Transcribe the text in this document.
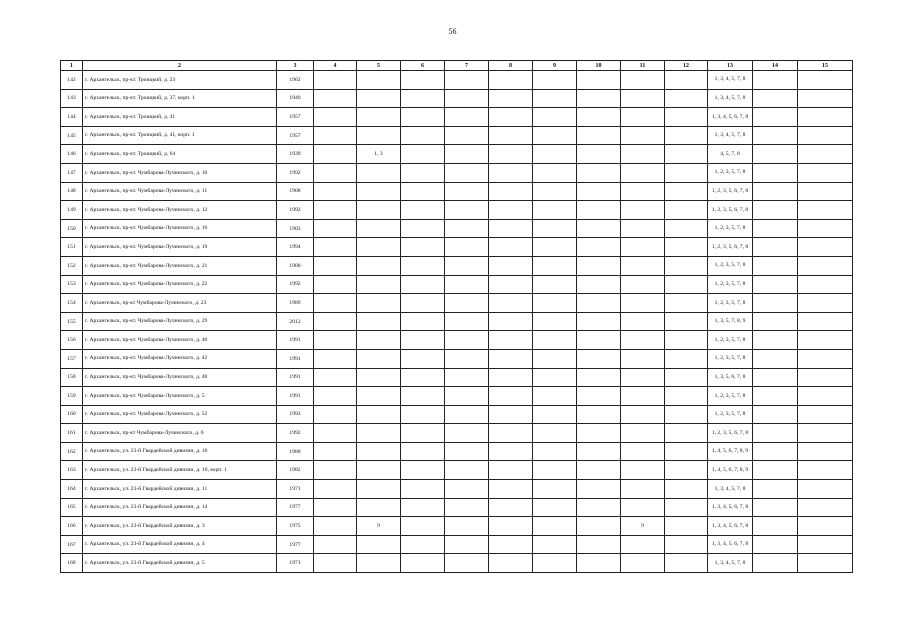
56
1	2	3	4	5	6	7	8	9	10	11	12	13	14	15
142	г. Архангельск, пр-кт. Троицкий, д. 23	1962										1, 3, 4, 5, 7, 8		
143	г. Архангельск, пр-кт. Троицкий, д. 37, корп. 1	1940										1, 3, 4, 5, 7, 8		
144	г. Архангельск, пр-кт. Троицкий, д. 41	1957										1, 3, 4, 5, 6, 7, 8		
145	г. Архангельск, пр-кт. Троицкий, д. 41, корп. 1	1957										1, 3, 4, 5, 7, 8		
146	г. Архангельск, пр-кт. Троицкий, д. 64	1939		1, 3								4, 5, 7, 8		
147	г. Архангельск, пр-кт. Чумбарова-Лучинского, д. 10	1992										1, 2, 3, 5, 7, 8		
148	г. Архангельск, пр-кт. Чумбарова-Лучинского, д. 11	1908										1, 2, 3, 5, 6, 7, 8		
149	г. Архангельск, пр-кт. Чумбарова-Лучинского, д. 12	1992										1, 2, 3, 5, 6, 7, 8		
150	г. Архангельск, пр-кт. Чумбарова-Лучинского, д. 16	1903										1, 2, 3, 5, 7, 8		
151	г. Архангельск, пр-кт. Чумбарова-Лучинского, д. 19	1994										1, 2, 3, 5, 6, 7, 8		
152	г. Архангельск, пр-кт. Чумбарова-Лучинского, д. 21	1900										1, 2, 3, 5, 7, 8		
153	г. Архангельск, пр-кт. Чумбарова-Лучинского, д. 22	1992										1, 2, 3, 5, 7, 8		
154	г. Архангельск, пр-кт Чумбарова-Лучинского, д. 23	1989										1, 2, 3, 5, 7, 8		
155	г. Архангельск, пр-кт. Чумбарова-Лучинского, д. 29	2012										1, 3, 5, 7, 8, 9		
156	г. Архангельск, пр-кт. Чумбарова-Лучинского, д. 40	1991										1, 2, 3, 5, 7, 8		
157	г. Архангельск, пр-кт. Чумбарова-Лучинского, д. 42	1991										1, 2, 3, 5, 7, 8		
158	г. Архангельск, пр-кт. Чумбарова-Лучинского, д. 48	1991										1, 3, 5, 6, 7, 8		
159	г. Архангельск, пр-кт. Чумбарова-Лучинского, д. 5	1991										1, 2, 3, 5, 7, 8		
160	г. Архангельск, пр-кт. Чумбарова-Лучинского, д. 52	1993										1, 2, 3, 5, 7, 8		
161	г. Архангельск, пр-кт Чумбарова-Лучинского, д. 6	1992										1, 2, 3, 5, 6, 7, 8		
162	г. Архангельск, ул. 23-й Гвардейской дивизии, д. 10	1980										1, 4, 5, 6, 7, 8, 9		
163	г. Архангельск, ул. 23-й Гвардейской дивизии, д. 10, корп. 1	1982										1, 4, 5, 6, 7, 8, 9		
164	г. Архангельск, ул. 23-й Гвардейской дивизии, д. 11	1971										1, 3, 4, 5, 7, 8		
165	г. Архангельск, ул. 23-й Гвардейской дивизии, д. 14	1977										1, 3, 4, 5, 6, 7, 8		
166	г. Архангельск, ул. 23-й Гвардейской дивизии, д. 3	1975		9						9		1, 3, 4, 5, 6, 7, 8		
167	г. Архангельск, ул. 23-й Гвардейской дивизии, д. 4	1977										1, 3, 4, 5, 6, 7, 8		
168	г. Архангельск, ул. 23-й Гвардейской дивизии, д. 5	1971										1, 3, 4, 5, 7, 8		
